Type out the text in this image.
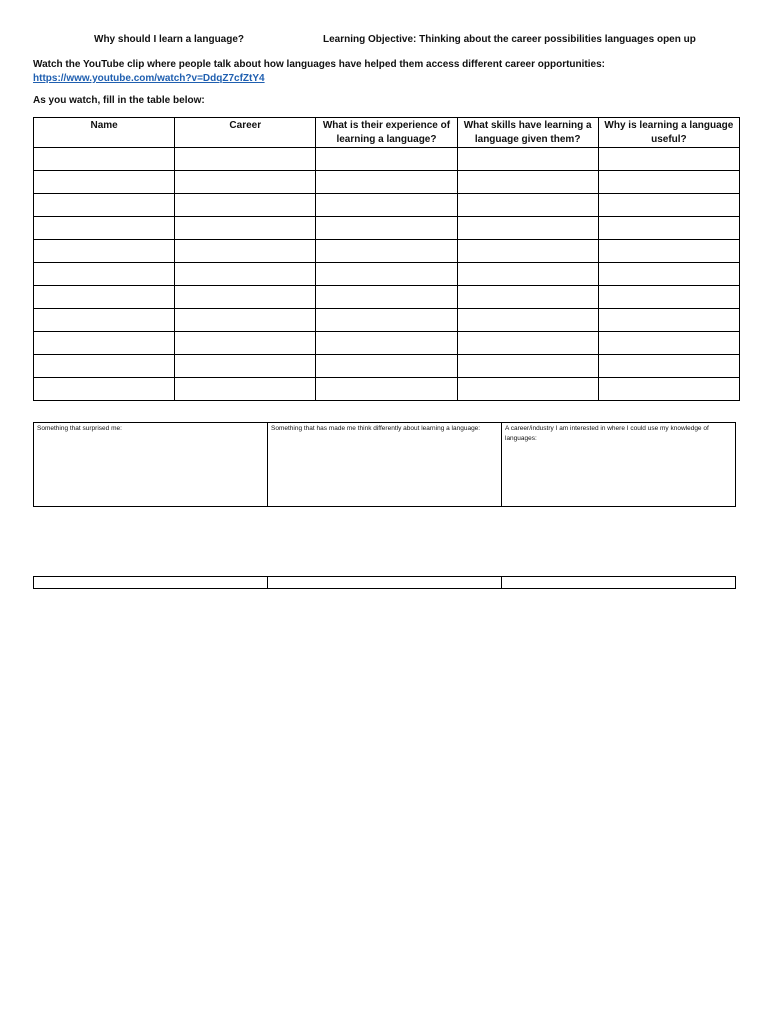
Why should I learn a language?	Learning Objective: Thinking about the career possibilities languages open up
Watch the YouTube clip where people talk about how languages have helped them access different career opportunities:
https://www.youtube.com/watch?v=DdqZ7cfZtY4
As you watch, fill in the table below:
Name	Career	What is their experience of learning a language?	What skills have learning a language given them?	Why is learning a language useful?

Something that surprised me:	Something that has made me think differently about learning a language:	A career/industry I am interested in where I could use my knowledge of languages:
